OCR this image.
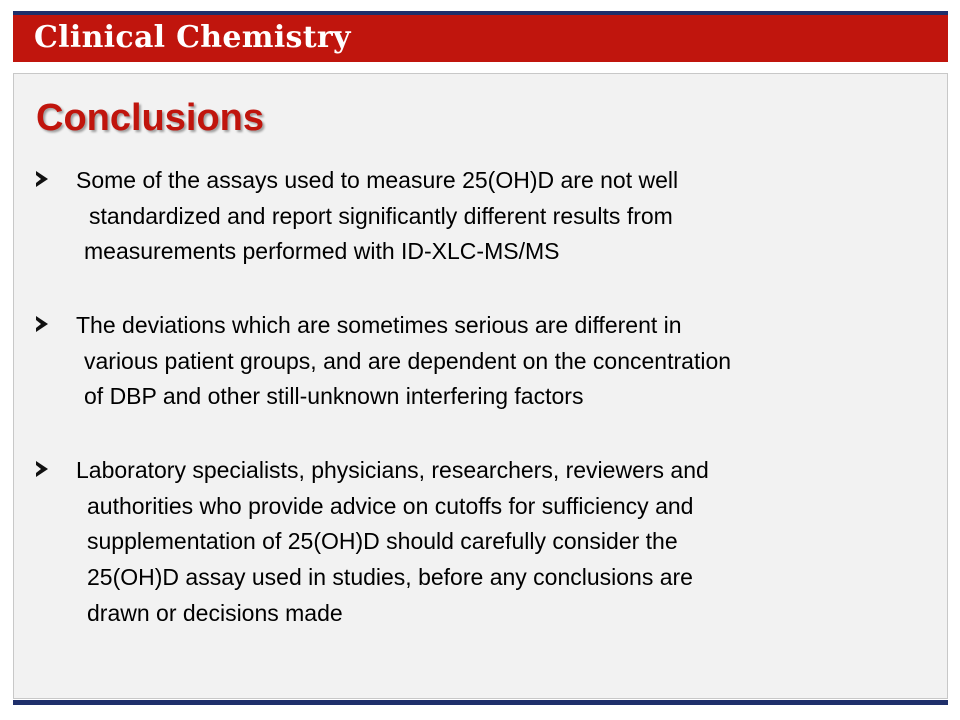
Clinical Chemistry
Conclusions
Some of the assays used to measure 25(OH)D are not well
standardized and report significantly different results from
measurements performed with ID-XLC-MS/MS
The deviations which are sometimes serious are different in
various patient groups, and are dependent on the concentration
of DBP and other still-unknown interfering factors
Laboratory specialists, physicians, researchers, reviewers and
authorities who provide advice on cutoffs for sufficiency and
supplementation of 25(OH)D should carefully consider the
25(OH)D assay used in studies, before any conclusions are
drawn or decisions made
